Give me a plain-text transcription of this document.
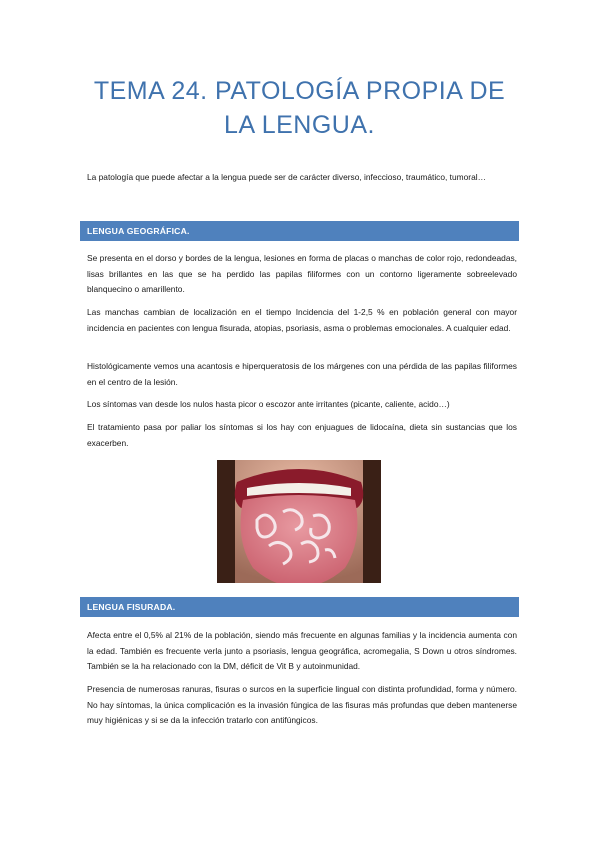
TEMA 24. PATOLOGÍA PROPIA DE
LA LENGUA.

La patología que puede afectar a la lengua puede ser de carácter diverso, infeccioso, traumático, tumoral…

LENGUA GEOGRÁFICA.

Se presenta en el dorso y bordes de la lengua, lesiones en forma de placas o manchas de color rojo, redondeadas, lisas brillantes en las que se ha perdido las papilas filiformes con un contorno ligeramente sobreelevado blanquecino o amarillento.

Las manchas cambian de localización en el tiempo Incidencia del 1-2,5 % en población general con mayor incidencia en pacientes con lengua fisurada, atopias, psoriasis, asma o problemas emocionales. A cualquier edad.

Histológicamente vemos una acantosis e hiperqueratosis de los márgenes con una pérdida de las papilas filiformes en el centro de la lesión.

Los síntomas van desde los nulos hasta picor o escozor ante irritantes (picante, caliente, acido…)

El tratamiento pasa por paliar los síntomas si los hay con enjuagues de lidocaína, dieta sin sustancias que los exacerben.

LENGUA FISURADA.

Afecta entre el 0,5% al 21% de la población, siendo más frecuente en algunas familias y la incidencia aumenta con la edad. También es frecuente verla junto a psoriasis, lengua geográfica, acromegalia, S Down u otros síndromes. También se la ha relacionado con la DM, déficit de Vit B y autoinmunidad.

Presencia de numerosas ranuras, fisuras o surcos en la superficie lingual con distinta profundidad, forma y número. No hay síntomas, la única complicación es la invasión fúngica de las fisuras más profundas que deben mantenerse muy higiénicas y si se da la infección tratarlo con antifúngicos.
